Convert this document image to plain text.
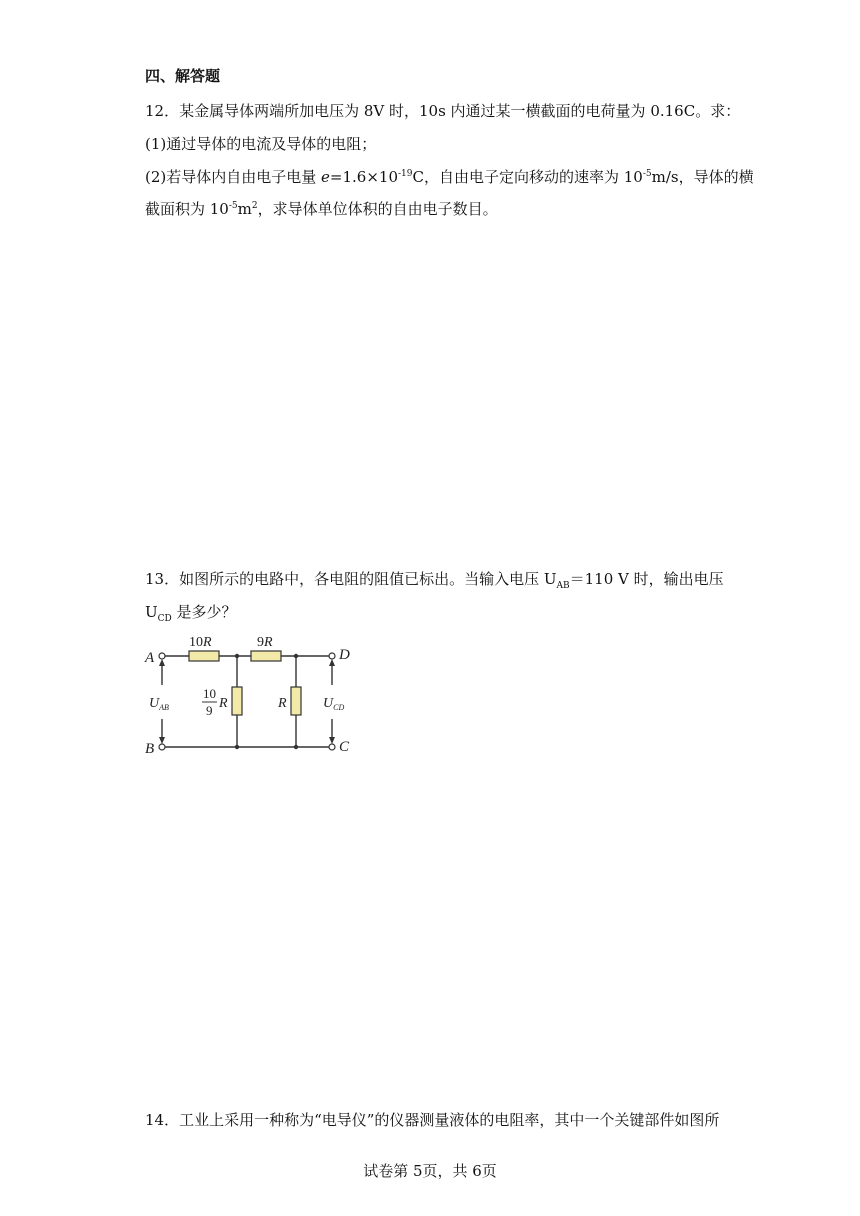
四、解答题
12．某金属导体两端所加电压为 8V 时，10s 内通过某一横截面的电荷量为 0.16C。求：
(1)通过导体的电流及导体的电阻；
(2)若导体内自由电子电量 $e=1.6\times 10^{-19}C$，自由电子定向移动的速率为 $10^{-5}m/s$，导体的横
截面积为 $10^{-5}m^2$，求导体单位体积的自由电子数目。
13．如图所示的电路中，各电阻的阻值已标出。当输入电压 $U_{AB}=110$ V 时，输出电压
$U_{CD}$ 是多少？
A
B
D
C
10R	9R
10
9 R	R
$U_{AB}$	$U_{CD}$
14．工业上采用一种称为“电导仪”的仪器测量液体的电阻率，其中一个关键部件如图所
试卷第 5页，共 6页
